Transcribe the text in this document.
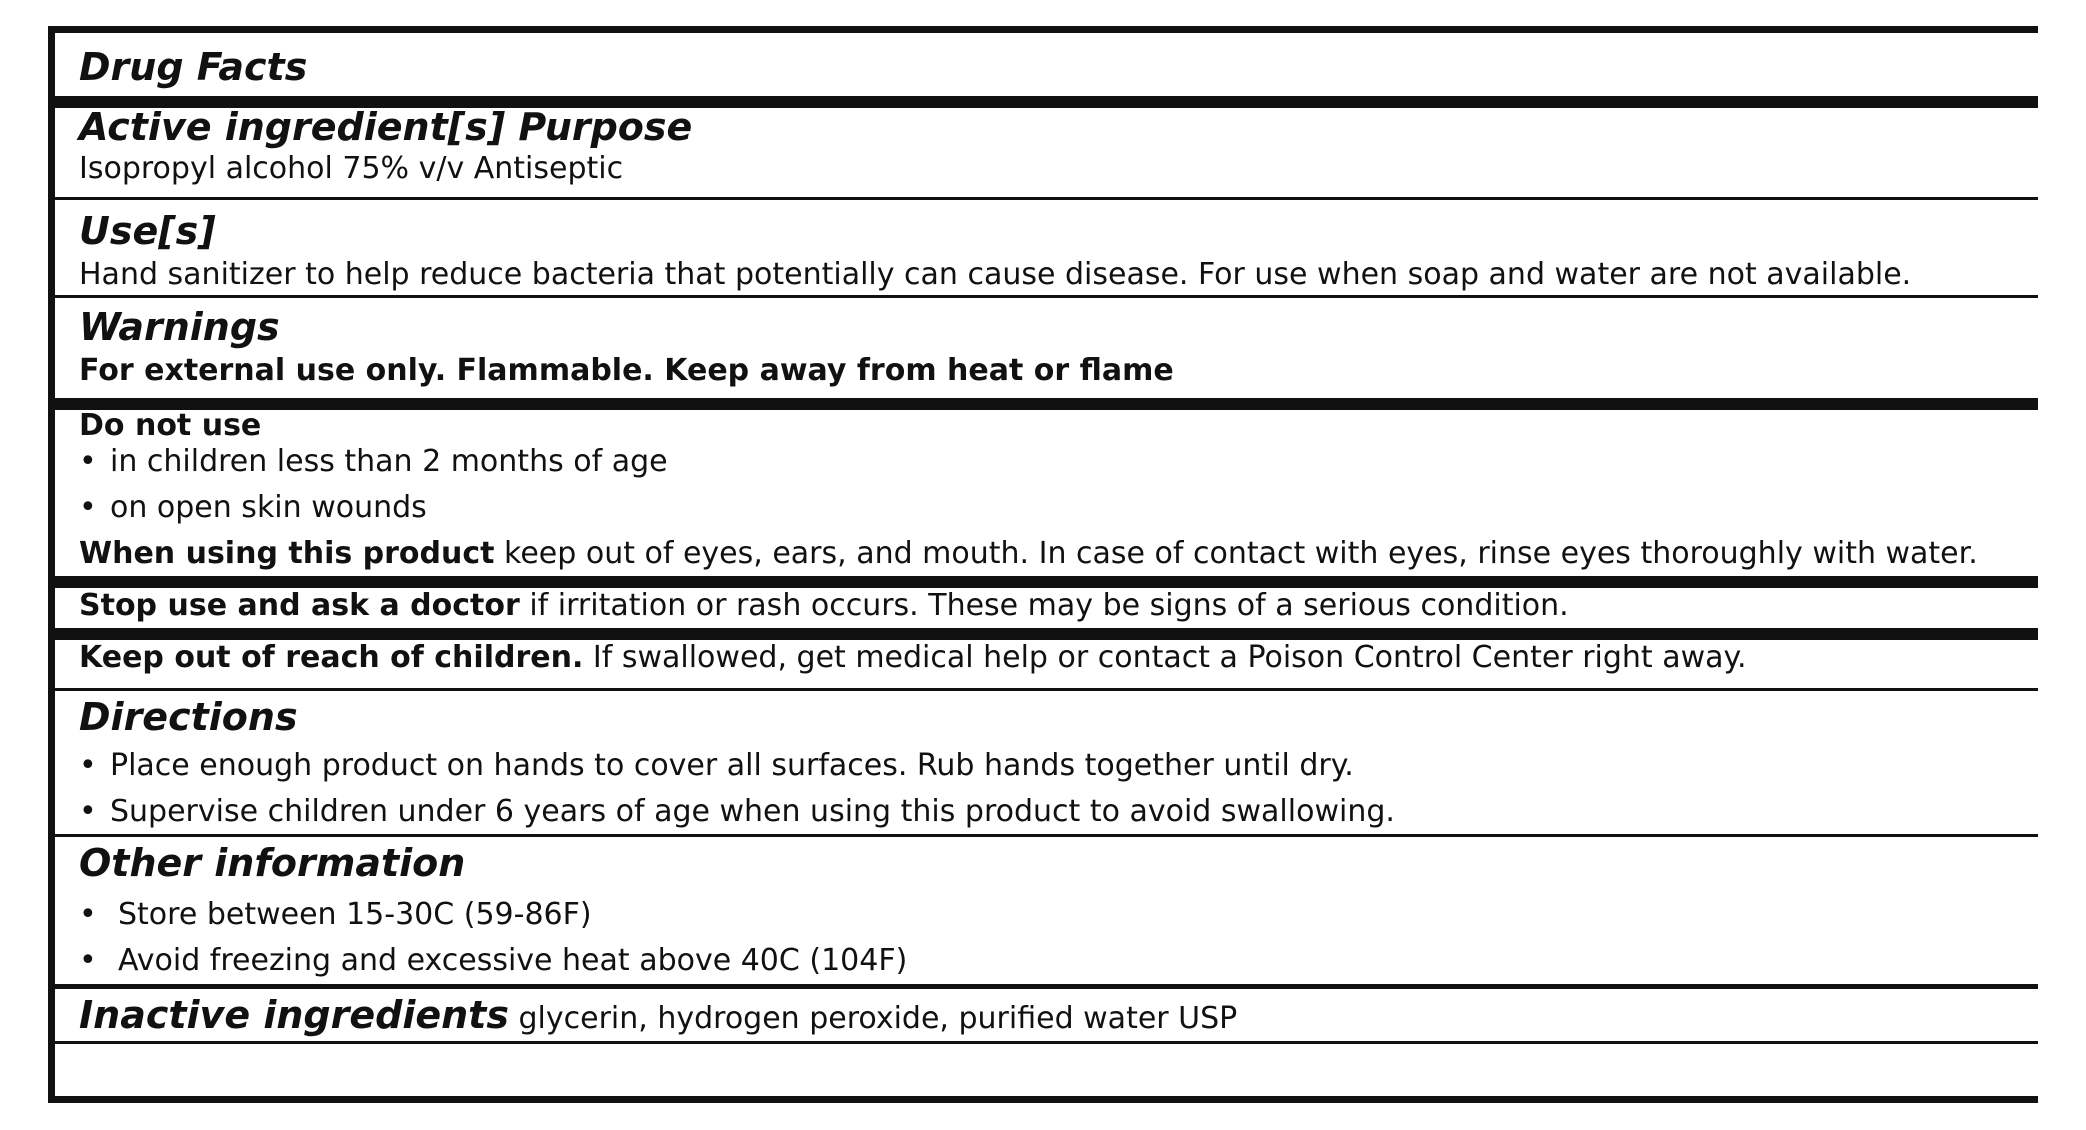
Drug Facts
Active ingredient[s] Purpose
Isopropyl alcohol 75% v/v Antiseptic
Use[s]
Hand sanitizer to help reduce bacteria that potentially can cause disease. For use when soap and water are not available.
Warnings
For external use only. Flammable. Keep away from heat or flame
Do not use
• in children less than 2 months of age
• on open skin wounds
When using this product keep out of eyes, ears, and mouth. In case of contact with eyes, rinse eyes thoroughly with water.
Stop use and ask a doctor if irritation or rash occurs. These may be signs of a serious condition.
Keep out of reach of children. If swallowed, get medical help or contact a Poison Control Center right away.
Directions
• Place enough product on hands to cover all surfaces. Rub hands together until dry.
• Supervise children under 6 years of age when using this product to avoid swallowing.
Other information
• Store between 15-30C (59-86F)
• Avoid freezing and excessive heat above 40C (104F)
Inactive ingredients glycerin, hydrogen peroxide, purified water USP
